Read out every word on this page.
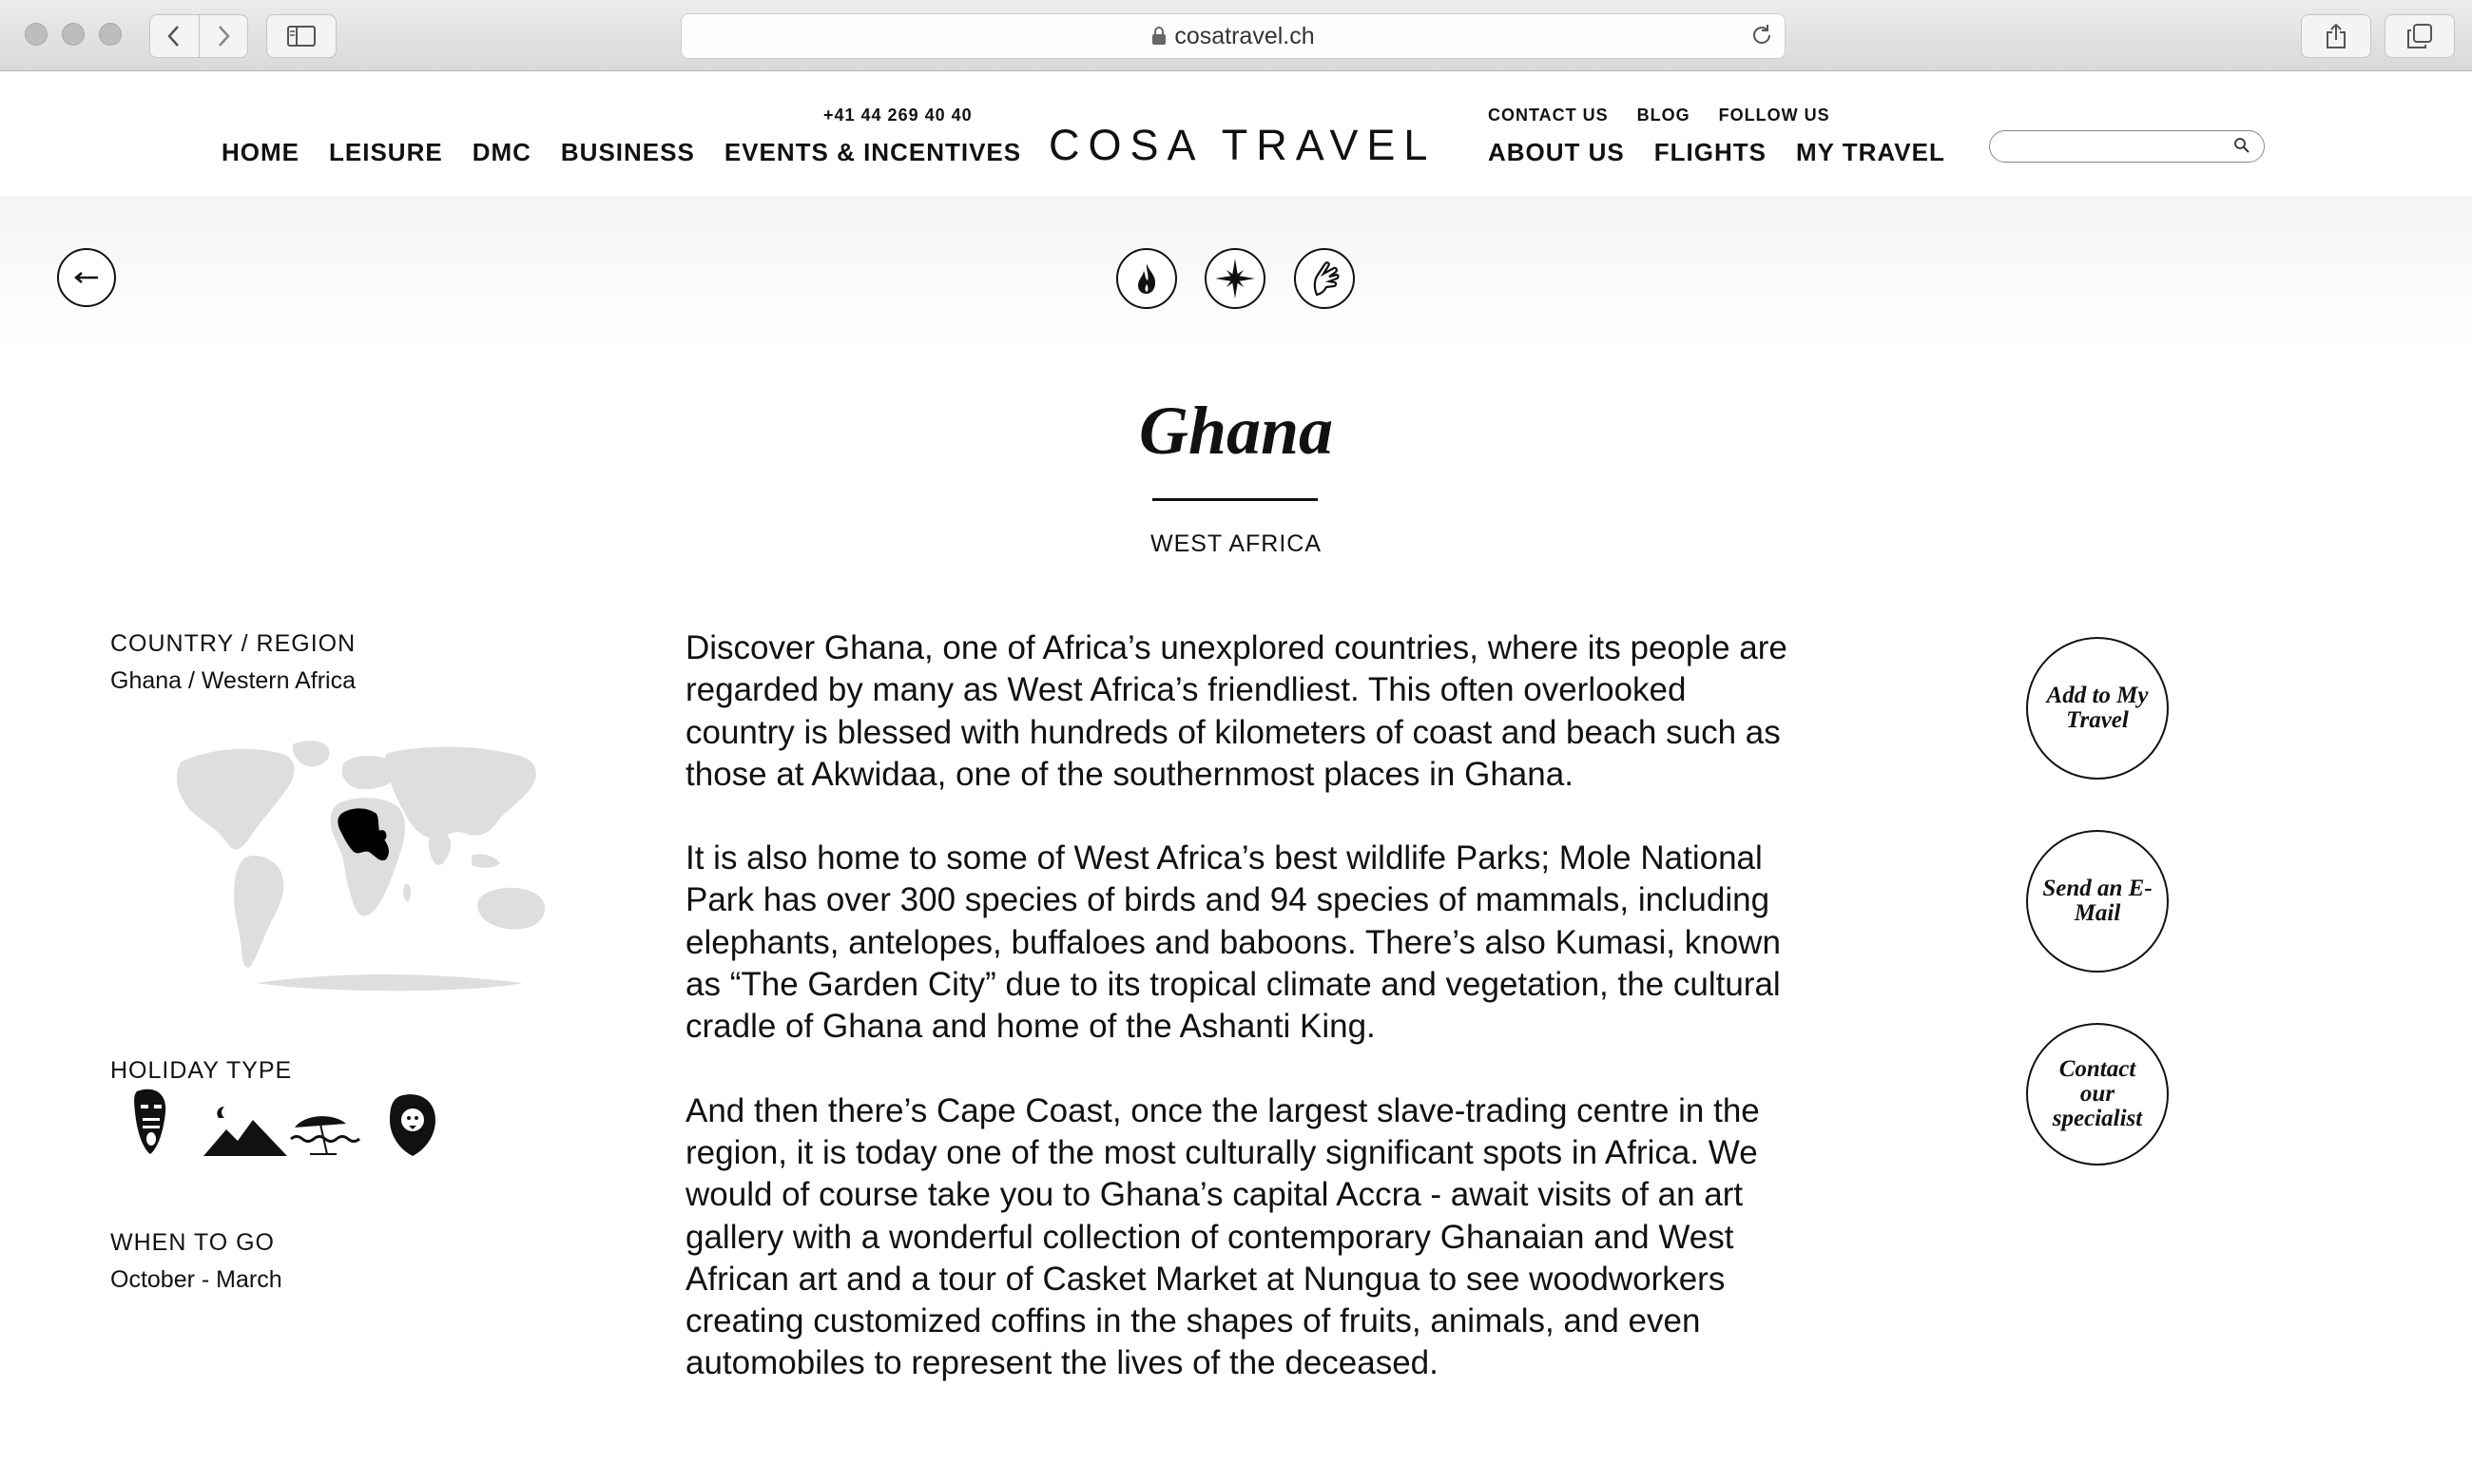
cosatravel.ch
+41 44 269 40 40
HOME LEISURE DMC BUSINESS EVENTS & INCENTIVES COSA TRAVEL
CONTACT US BLOG FOLLOW US
ABOUT US FLIGHTS MY TRAVEL
Ghana
WEST AFRICA
COUNTRY / REGION
Ghana / Western Africa
HOLIDAY TYPE
WHEN TO GO
October - March

Discover Ghana, one of Africa’s unexplored countries, where its people are regarded by many as West Africa’s friendliest. This often overlooked country is blessed with hundreds of kilometers of coast and beach such as those at Akwidaa, one of the southernmost places in Ghana.

It is also home to some of West Africa’s best wildlife Parks; Mole National Park has over 300 species of birds and 94 species of mammals, including elephants, antelopes, buffaloes and baboons. There’s also Kumasi, known as “The Garden City” due to its tropical climate and vegetation, the cultural cradle of Ghana and home of the Ashanti King.

And then there’s Cape Coast, once the largest slave-trading centre in the region, it is today one of the most culturally significant spots in Africa. We would of course take you to Ghana’s capital Accra - await visits of an art gallery with a wonderful collection of contemporary Ghanaian and West African art and a tour of Casket Market at Nungua to see woodworkers creating customized coffins in the shapes of fruits, animals, and even automobiles to represent the lives of the deceased.

Add to My Travel
Send an E-Mail
Contact our specialist
